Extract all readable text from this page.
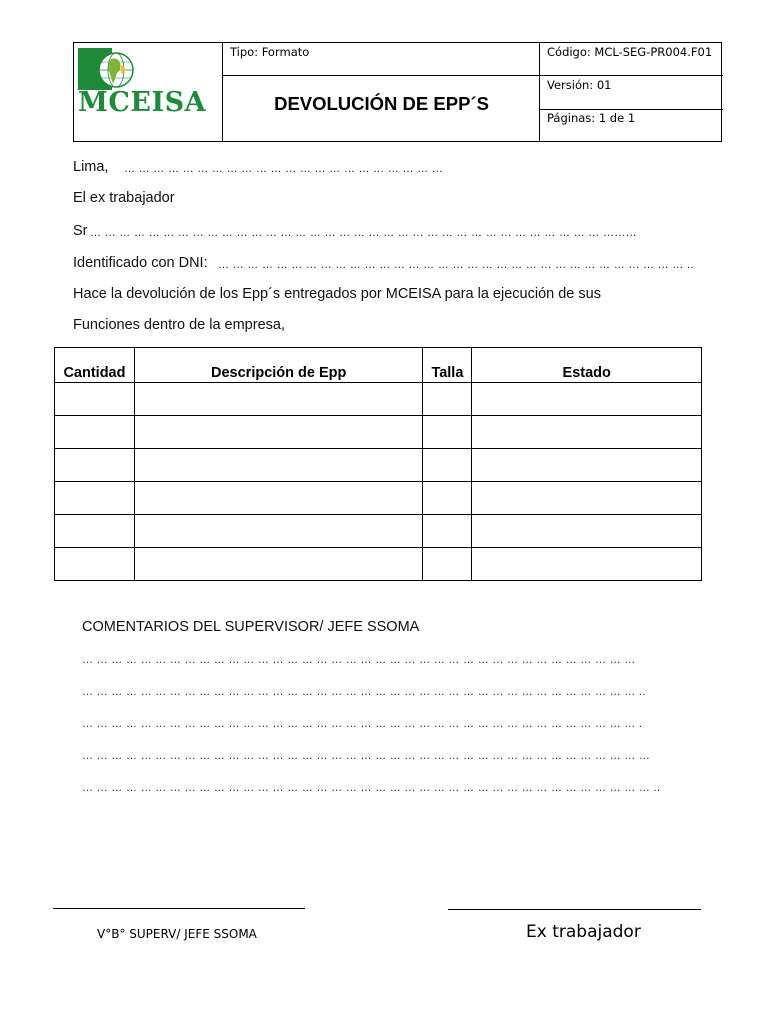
MCEISA
Tipo: Formato
DEVOLUCIÓN DE EPP´S
Código: MCL-SEG-PR004.F01
Versión: 01
Páginas: 1 de 1
Lima, … … … … … … … … … … … … … … … … … … … … … …
El ex trabajador
Sr … … … … … … … … … … … … … … … … … … … … … … … … … … … … … … … … … … … ………
Identificado con DNI: … … … … … … … … … … … … … … … … … … … … … … … … … … … … … … … … ..
Hace la devolución de los Epp´s entregados por MCEISA para la ejecución de sus
Funciones dentro de la empresa,
Cantidad	Descripción de Epp	Talla	Estado

COMENTARIOS DEL SUPERVISOR/ JEFE SSOMA
… … … … … … … … … … … … … … … … … … … … … … … … … … … … … … … … … … … … … …
… … … … … … … … … … … … … … … … … … … … … … … … … … … … … … … … … … … … … … ..
… … … … … … … … … … … … … … … … … … … … … … … … … … … … … … … … … … … … … … .
… … … … … … … … … … … … … … … … … … … … … … … … … … … … … … … … … … … … … … …
… … … … … … … … … … … … … … … … … … … … … … … … … … … … … … … … … … … … … … … ..
V°B° SUPERV/ JEFE SSOMA	Ex trabajador
